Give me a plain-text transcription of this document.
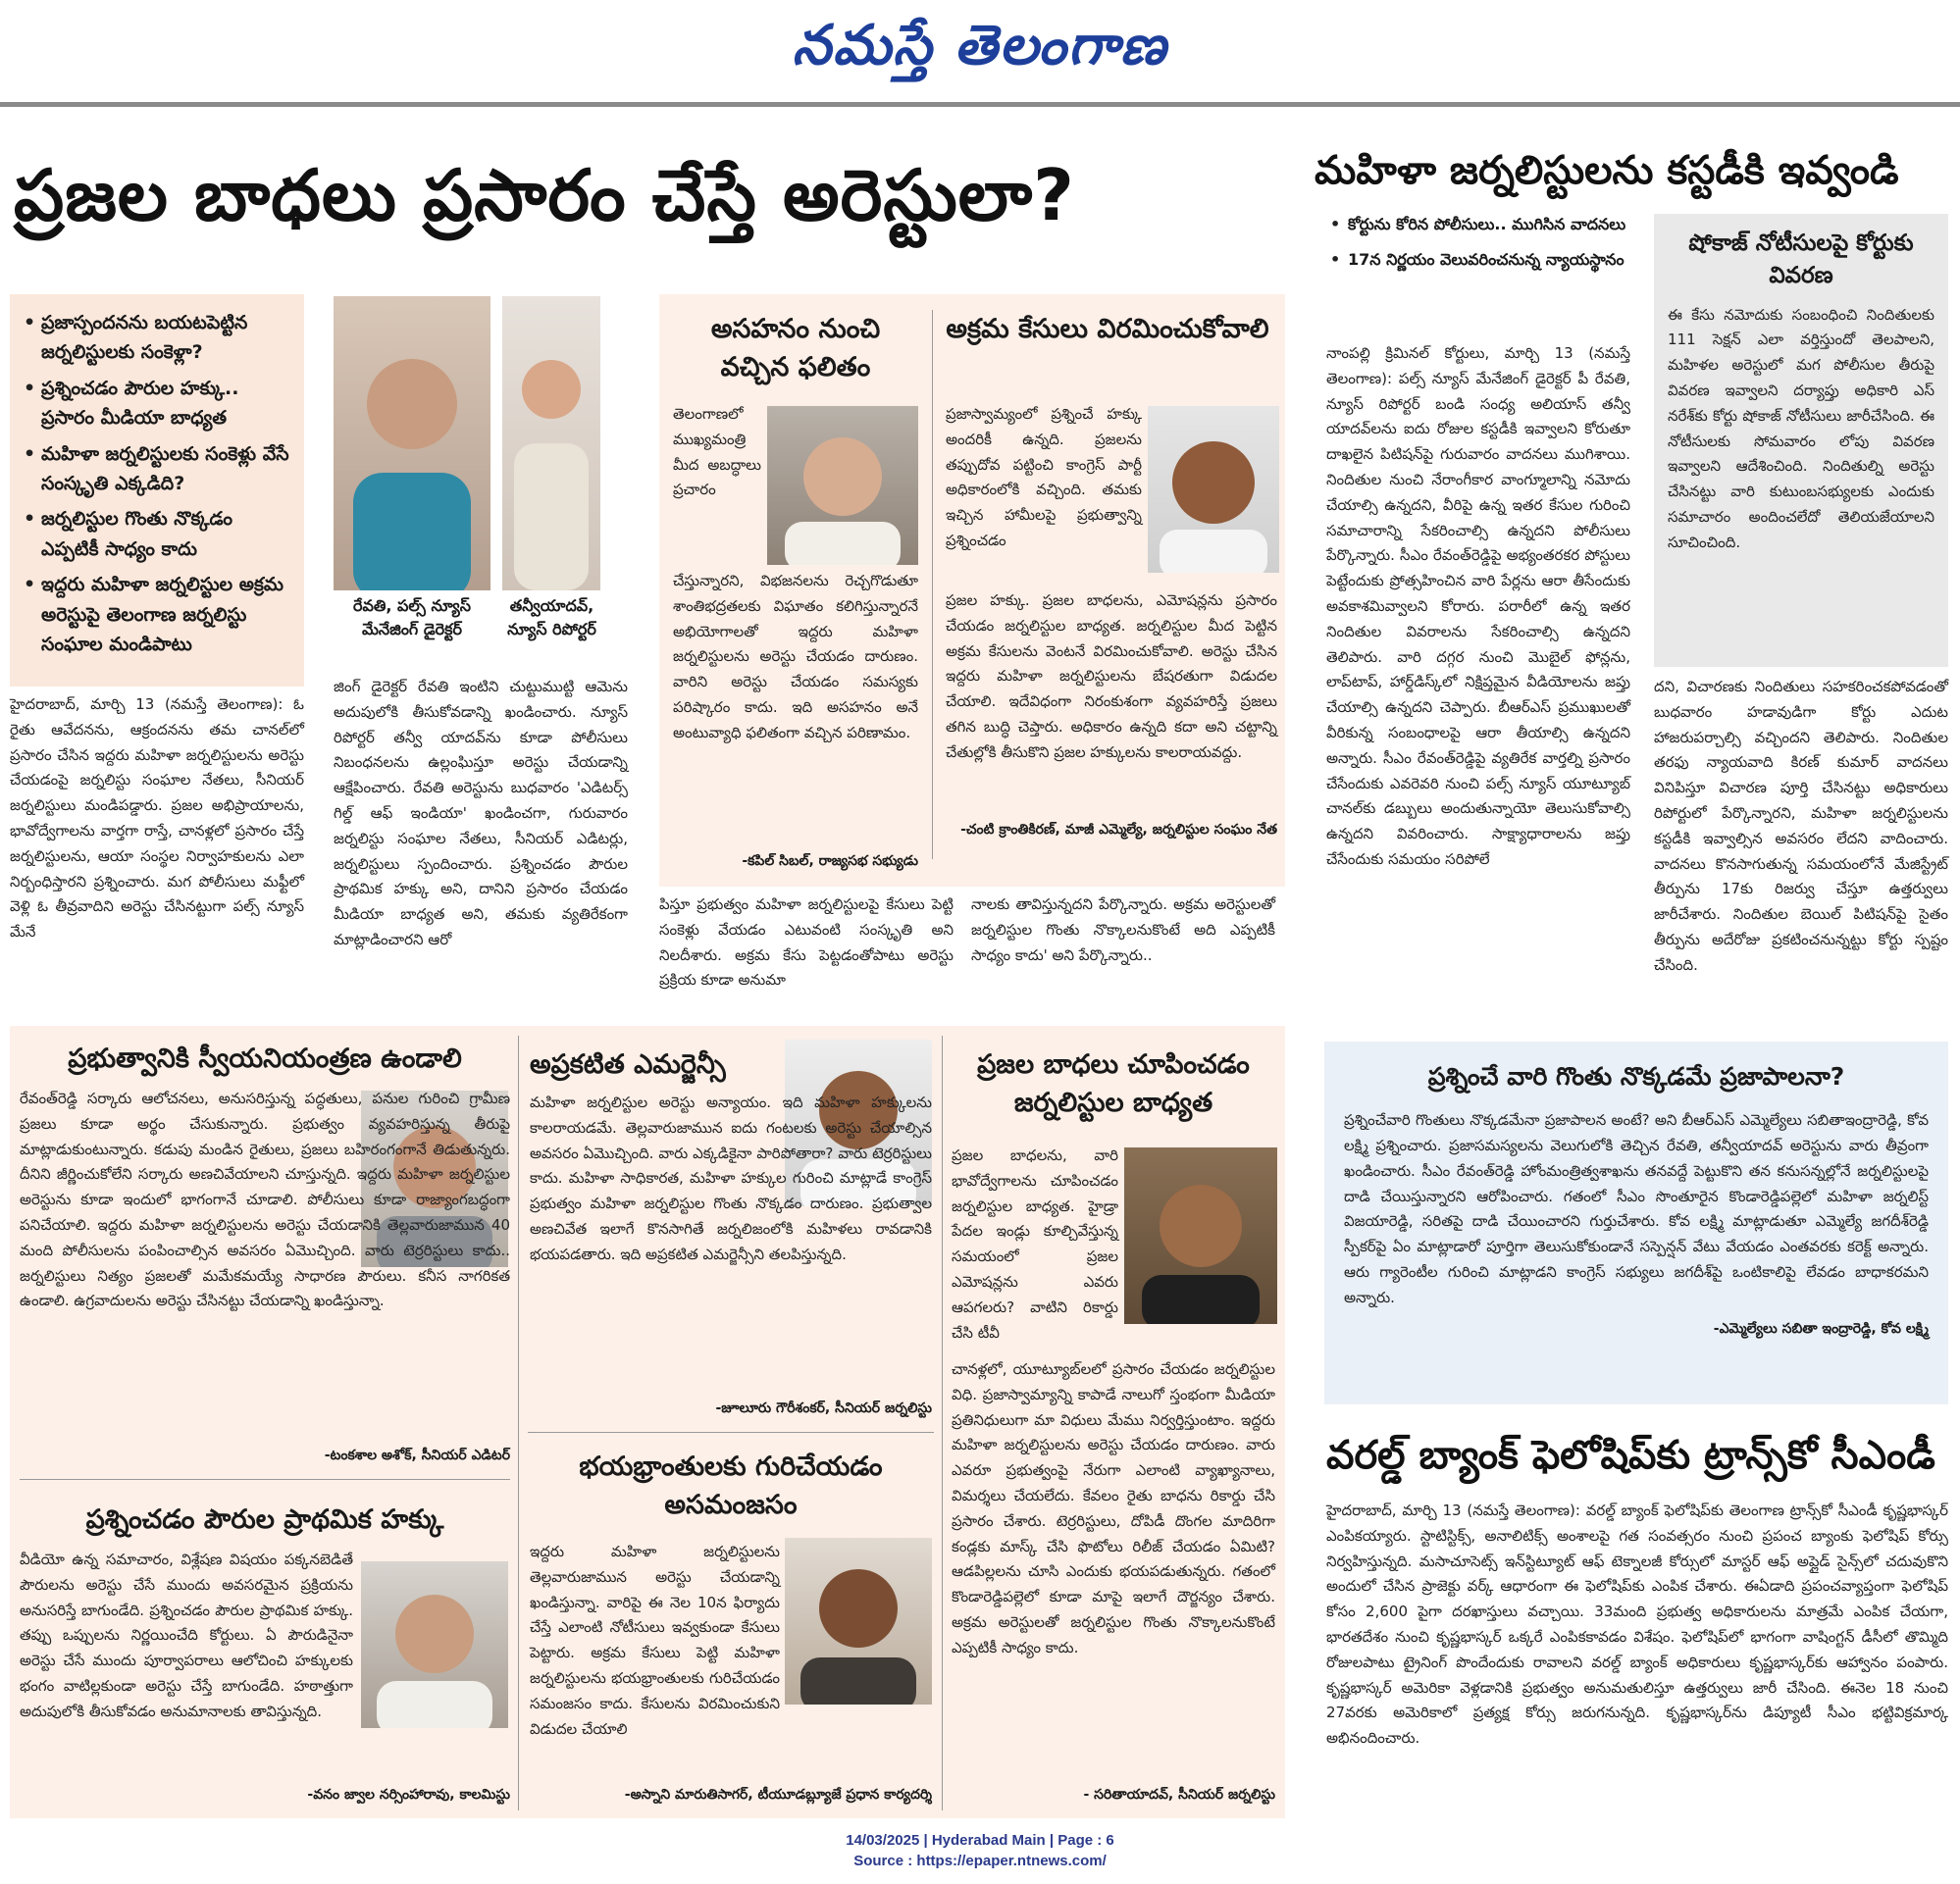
నమస్తే తెలంగాణ
ప్రజల బాధలు ప్రసారం చేస్తే అరెస్టులా?
• ప్రజాస్పందనను బయటపెట్టిన జర్నలిస్టులకు సంకెళ్లా?
• ప్రశ్నించడం పౌరుల హక్కు.. ప్రసారం మీడియా బాధ్యత
• మహిళా జర్నలిస్టులకు సంకెళ్లు వేసే సంస్కృతి ఎక్కడిది?
• జర్నలిస్టుల గొంతు నొక్కడం ఎప్పటికీ సాధ్యం కాదు
• ఇద్దరు మహిళా జర్నలిస్టుల అక్రమ అరెస్టుపై తెలంగాణ జర్నలిస్టు సంఘాల మండిపాటు
రేవతి, పల్స్ న్యూస్ మేనేజింగ్ డైరెక్టర్
తన్వీయాదవ్, న్యూస్ రిపోర్టర్
హైదరాబాద్, మార్చి 13 (నమస్తే తెలంగాణ): ఓ రైతు ఆవేదనను, ఆక్రందనను తమ చానల్‌లో ప్రసారం చేసిన ఇద్దరు మహిళా జర్నలిస్టులను అరెస్టు చేయడంపై జర్నలిస్టు సంఘాల నేతలు, సీనియర్ జర్నలిస్టులు మండిపడ్డారు. ప్రజల అభిప్రాయాలను, భావోద్వేగాలను వార్తగా రాస్తే, చానళ్లలో ప్రసారం చేస్తే జర్నలిస్టులను, ఆయా సంస్థల నిర్వాహకులను ఎలా నిర్బంధిస్తారని ప్రశ్నించారు. మగ పోలీసులు మఫ్టీలో వెళ్లి ఓ తీవ్రవాదిని అరెస్టు చేసినట్టుగా పల్స్ న్యూస్ మేనే
జింగ్ డైరెక్టర్ రేవతి ఇంటిని చుట్టుముట్టి ఆమెను అదుపులోకి తీసుకోవడాన్ని ఖండించారు. న్యూస్ రిపోర్టర్ తన్వీ యాదవ్‌ను కూడా పోలీసులు నిబంధనలను ఉల్లంఘిస్తూ అరెస్టు చేయడాన్ని ఆక్షేపించారు. రేవతి అరెస్టును బుధవారం 'ఎడిటర్స్ గిల్డ్ ఆఫ్ ఇండియా' ఖండించగా, గురువారం జర్నలిస్టు సంఘాల నేతలు, సీనియర్ ఎడిటర్లు, జర్నలిస్టులు స్పందించారు. ప్రశ్నించడం పౌరుల ప్రాథమిక హక్కు అని, దానిని ప్రసారం చేయడం మీడియా బాధ్యత అని, తమకు వ్యతిరేకంగా మాట్లాడించారని ఆరో
పిస్తూ ప్రభుత్వం మహిళా జర్నలిస్టులపై కేసులు పెట్టి సంకెళ్లు వేయడం ఎటువంటి సంస్కృతి అని నిలదీశారు. అక్రమ కేసు పెట్టడంతోపాటు అరెస్టు ప్రక్రియ కూడా అనుమా
నాలకు తావిస్తున్నదని పేర్కొన్నారు. అక్రమ అరెస్టులతో జర్నలిస్టుల గొంతు నొక్కాలనుకొంటే అది ఎప్పటికీ సాధ్యం కాదు' అని పేర్కొన్నారు..
అసహనం నుంచి వచ్చిన ఫలితం
తెలంగాణలో ముఖ్యమంత్రి మీద అబద్ధాలు ప్రచారం
చేస్తున్నారని, విభజనలను రెచ్చగొడుతూ శాంతిభద్రతలకు విఘాతం కలిగిస్తున్నారనే అభియోగాలతో ఇద్దరు మహిళా జర్నలిస్టులను అరెస్టు చేయడం దారుణం. వారిని అరెస్టు చేయడం సమస్యకు పరిష్కారం కాదు. ఇది అసహనం అనే అంటువ్యాధి ఫలితంగా వచ్చిన పరిణామం.
-కపిల్ సిబల్, రాజ్యసభ సభ్యుడు
అక్రమ కేసులు విరమించుకోవాలి
ప్రజాస్వామ్యంలో ప్రశ్నించే హక్కు అందరికీ ఉన్నది. ప్రజలను తప్పుదోవ పట్టించి కాంగ్రెస్ పార్టీ అధికారంలోకి వచ్చింది. తమకు ఇచ్చిన హామీలపై ప్రభుత్వాన్ని ప్రశ్నించడం
ప్రజల హక్కు. ప్రజల బాధలను, ఎమోషన్లను ప్రసారం చేయడం జర్నలిస్టుల బాధ్యత. జర్నలిస్టుల మీద పెట్టిన అక్రమ కేసులను వెంటనే విరమించుకోవాలి. అరెస్టు చేసిన ఇద్దరు మహిళా జర్నలిస్టులను బేషరతుగా విడుదల చేయాలి. ఇదేవిధంగా నిరంకుశంగా వ్యవహరిస్తే ప్రజలు తగిన బుద్ధి చెప్తారు. అధికారం ఉన్నది కదా అని చట్టాన్ని చేతుల్లోకి తీసుకొని ప్రజల హక్కులను కాలరాయవద్దు.
-చంటి క్రాంతికిరణ్, మాజీ ఎమ్మెల్యే, జర్నలిస్టుల సంఘం నేత
మహిళా జర్నలిస్టులను కస్టడీకి ఇవ్వండి
• కోర్టును కోరిన పోలీసులు.. ముగిసిన వాదనలు
• 17న నిర్ణయం వెలువరించనున్న న్యాయస్థానం
నాంపల్లి క్రిమినల్ కోర్టులు, మార్చి 13 (నమస్తే తెలంగాణ): పల్స్ న్యూస్ మేనేజింగ్ డైరెక్టర్ పీ రేవతి, న్యూస్ రిపోర్టర్ బండి సంధ్య అలియాస్ తన్వీ యాదవ్‌లను ఐదు రోజుల కస్టడీకి ఇవ్వాలని కోరుతూ దాఖలైన పిటిషన్‌పై గురువారం వాదనలు ముగిశాయి. నిందితుల నుంచి నేరాంగీకార వాంగ్మూలాన్ని నమోదు చేయాల్సి ఉన్నదని, వీరిపై ఉన్న ఇతర కేసుల గురించి సమాచారాన్ని సేకరించాల్సి ఉన్నదని పోలీసులు పేర్కొన్నారు. సీఎం రేవంత్‌రెడ్డిపై అభ్యంతరకర పోస్టులు పెట్టేందుకు ప్రోత్సహించిన వారి పేర్లను ఆరా తీసేందుకు అవకాశమివ్వాలని కోరారు. పరారీలో ఉన్న ఇతర నిందితుల వివరాలను సేకరించాల్సి ఉన్నదని తెలిపారు. వారి దగ్గర నుంచి మొబైల్ ఫోన్లను, లాప్‌టాప్, హార్డ్‌డిస్క్‌లో నిక్షిప్తమైన వీడియోలను జప్తు చేయాల్సి ఉన్నదని చెప్పారు. బీఆర్‌ఎస్ ప్రముఖులతో వీరికున్న సంబంధాలపై ఆరా తీయాల్సి ఉన్నదని అన్నారు. సీఎం రేవంత్‌రెడ్డిపై వ్యతిరేక వార్తల్ని ప్రసారం చేసేందుకు ఎవరెవరి నుంచి పల్స్ న్యూస్ యూట్యూబ్ చానల్‌కు డబ్బులు అందుతున్నాయో తెలుసుకోవాల్సి ఉన్నదని వివరించారు. సాక్ష్యాధారాలను జప్తు చేసేందుకు సమయం సరిపోలే
షోకాజ్ నోటీసులపై కోర్టుకు వివరణ
ఈ కేసు నమోదుకు సంబంధించి నిందితులకు 111 సెక్షన్ ఎలా వర్తిస్తుందో తెలపాలని, మహిళల అరెస్టులో మగ పోలీసుల తీరుపై వివరణ ఇవ్వాలని దర్యాప్తు అధికారి ఎస్ నరేశ్‌కు కోర్టు షోకాజ్ నోటీసులు జారీచేసింది. ఈ నోటీసులకు సోమవారం లోపు వివరణ ఇవ్వాలని ఆదేశించింది. నిందితుల్ని అరెస్టు చేసినట్టు వారి కుటుంబసభ్యులకు ఎందుకు సమాచారం అందించలేదో తెలియజేయాలని సూచించింది.
దని, విచారణకు నిందితులు సహకరించకపోవడంతో బుధవారం హడావుడిగా కోర్టు ఎదుట హాజరుపర్చాల్సి వచ్చిందని తెలిపారు. నిందితుల తరఫు న్యాయవాది కిరణ్ కుమార్ వాదనలు వినిపిస్తూ విచారణ పూర్తి చేసినట్టు అధికారులు రిపోర్టులో పేర్కొన్నారని, మహిళా జర్నలిస్టులను కస్టడీకి ఇవ్వాల్సిన అవసరం లేదని వాదించారు. వాదనలు కొనసాగుతున్న సమయంలోనే మేజిస్ట్రేట్ తీర్పును 17కు రిజర్వు చేస్తూ ఉత్తర్వులు జారీచేశారు. నిందితుల బెయిల్ పిటిషన్‌పై సైతం తీర్పును అదేరోజు ప్రకటించనున్నట్టు కోర్టు స్పష్టం చేసింది.
ప్రభుత్వానికి స్వీయనియంత్రణ ఉండాలి
రేవంత్‌రెడ్డి సర్కారు ఆలోచనలు, అనుసరిస్తున్న పద్ధతులు, పనుల గురించి గ్రామీణ ప్రజలు కూడా అర్థం చేసుకున్నారు. ప్రభుత్వం వ్యవహరిస్తున్న తీరుపై మాట్లాడుకుంటున్నారు. కడుపు మండిన రైతులు, ప్రజలు బహిరంగంగానే తిడుతున్నరు. దీనిని జీర్ణించుకోలేని సర్కారు అణచివేయాలని చూస్తున్నది. ఇద్దరు మహిళా జర్నలిస్టుల అరెస్టును కూడా ఇందులో భాగంగానే చూడాలి. పోలీసులు కూడా రాజ్యాంగబద్ధంగా పనిచేయాలి. ఇద్దరు మహిళా జర్నలిస్టులను అరెస్టు చేయడానికి తెల్లవారుజామున 40 మంది పోలీసులను పంపించాల్సిన అవసరం ఏమొచ్చింది. వారు టెర్రరిస్టులు కాదు.. జర్నలిస్టులు నిత్యం ప్రజలతో మమేకమయ్యే సాధారణ పౌరులు. కనీస నాగరికత ఉండాలి. ఉగ్రవాదులను అరెస్టు చేసినట్టు చేయడాన్ని ఖండిస్తున్నా.
-టంకశాల అశోక్, సీనియర్ ఎడిటర్
ప్రశ్నించడం పౌరుల ప్రాథమిక హక్కు
వీడియో ఉన్న సమాచారం, విశ్లేషణ విషయం పక్కనబెడితే పౌరులను అరెస్టు చేసే ముందు అవసరమైన ప్రక్రియను అనుసరిస్తే బాగుండేది. ప్రశ్నించడం పౌరుల ప్రాథమిక హక్కు. తప్పు ఒప్పులను నిర్ణయించేది కోర్టులు. ఏ పౌరుడినైనా అరెస్టు చేసే ముందు పూర్వాపరాలు ఆలోచించి హక్కులకు భంగం వాటిల్లకుండా అరెస్టు చేస్తే బాగుండేది. హఠాత్తుగా అదుపులోకి తీసుకోవడం అనుమానాలకు తావిస్తున్నది.
-వనం జ్వాల నర్సింహారావు, కాలమిస్టు
అప్రకటిత ఎమర్జెన్సీ
మహిళా జర్నలిస్టుల అరెస్టు అన్యాయం. ఇది మహిళా హక్కులను కాలరాయడమే. తెల్లవారుజామున ఐదు గంటలకు అరెస్టు చేయాల్సిన అవసరం ఏమొచ్చింది. వారు ఎక్కడికైనా పారిపోతారా? వారు టెర్రరిస్టులు కాదు. మహిళా సాధికారత, మహిళా హక్కుల గురించి మాట్లాడే కాంగ్రెస్ ప్రభుత్వం మహిళా జర్నలిస్టుల గొంతు నొక్కడం దారుణం. ప్రభుత్వాల అణచివేత ఇలాగే కొనసాగితే జర్నలిజంలోకి మహిళలు రావడానికి భయపడతారు. ఇది అప్రకటిత ఎమర్జెన్సీని తలపిస్తున్నది.
-జూలూరు గౌరీశంకర్, సీనియర్ జర్నలిస్టు
భయభ్రాంతులకు గురిచేయడం అసమంజసం
ఇద్దరు మహిళా జర్నలిస్టులను తెల్లవారుజామున అరెస్టు చేయడాన్ని ఖండిస్తున్నా. వారిపై ఈ నెల 10న ఫిర్యాదు చేస్తే ఎలాంటి నోటీసులు ఇవ్వకుండా కేసులు పెట్టారు. అక్రమ కేసులు పెట్టి మహిళా జర్నలిస్టులను భయభ్రాంతులకు గురిచేయడం సమంజసం కాదు. కేసులను విరమించుకుని విడుదల చేయాలి
-అస్నాని మారుతిసాగర్, టీయూడబ్ల్యూజే ప్రధాన కార్యదర్శి
ప్రజల బాధలు చూపించడం జర్నలిస్టుల బాధ్యత
ప్రజల బాధలను, వారి భావోద్వేగాలను చూపించడం జర్నలిస్టుల బాధ్యత. హైడ్రా పేదల ఇండ్లు కూల్చివేస్తున్న సమయంలో ప్రజల ఎమోషన్లను ఎవరు ఆపగలరు? వాటిని రికార్డు చేసి టీవీ
చానళ్లలో, యూట్యూబ్‌లలో ప్రసారం చేయడం జర్నలిస్టుల విధి. ప్రజాస్వామ్యాన్ని కాపాడే నాలుగో స్తంభంగా మీడియా ప్రతినిధులుగా మా విధులు మేము నిర్వర్తిస్తుంటాం. ఇద్దరు మహిళా జర్నలిస్టులను అరెస్టు చేయడం దారుణం. వారు ఎవరూ ప్రభుత్వంపై నేరుగా ఎలాంటి వ్యాఖ్యానాలు, విమర్శలు చేయలేదు. కేవలం రైతు బాధను రికార్డు చేసి ప్రసారం చేశారు. టెర్రరిస్టులు, దోపిడీ దొంగల మాదిరిగా కండ్లకు మాస్క్ చేసి ఫొటోలు రిలీజ్ చేయడం ఏమిటి? ఆడపిల్లలను చూసి ఎందుకు భయపడుతున్నరు. గతంలో కొండారెడ్డిపల్లెలో కూడా మాపై ఇలాగే దౌర్జన్యం చేశారు. అక్రమ అరెస్టులతో జర్నలిస్టుల గొంతు నొక్కాలనుకొంటే ఎప్పటికీ సాధ్యం కాదు.
- సరితాయాదవ్, సీనియర్ జర్నలిస్టు
ప్రశ్నించే వారి గొంతు నొక్కడమే ప్రజాపాలనా?
ప్రశ్నించేవారి గొంతులు నొక్కడమేనా ప్రజాపాలన అంటే? అని బీఆర్‌ఎస్ ఎమ్మెల్యేలు సబితాఇంద్రారెడ్డి, కోవ లక్ష్మి ప్రశ్నించారు. ప్రజాసమస్యలను వెలుగులోకి తెచ్చిన రేవతి, తన్వీయాదవ్ అరెస్టును వారు తీవ్రంగా ఖండించారు. సీఎం రేవంత్‌రెడ్డి హోంమంత్రిత్వశాఖను తనవద్దే పెట్టుకొని తన కనుసన్నల్లోనే జర్నలిస్టులపై దాడి చేయిస్తున్నారని ఆరోపించారు. గతంలో సీఎం సొంతూరైన కొండారెడ్డిపల్లెలో మహిళా జర్నలిస్ట్ విజయారెడ్డి, సరితపై దాడి చేయించారని గుర్తుచేశారు. కోవ లక్ష్మి మాట్లాడుతూ ఎమ్మెల్యే జగదీశ్‌రెడ్డి స్పీకర్‌పై ఏం మాట్లాడారో పూర్తిగా తెలుసుకోకుండానే సస్పెన్షన్ వేటు వేయడం ఎంతవరకు కరెక్ట్ అన్నారు. ఆరు గ్యారెంటీల గురించి మాట్లాడని కాంగ్రెస్ సభ్యులు జగదీశ్‌పై ఒంటికాలిపై లేవడం బాధాకరమని అన్నారు.
-ఎమ్మెల్యేలు సబితా ఇంద్రారెడ్డి, కోవ లక్ష్మి
వరల్డ్ బ్యాంక్ ఫెలోషిప్‌కు ట్రాన్స్‌కో సీఎండీ
హైదరాబాద్, మార్చి 13 (నమస్తే తెలంగాణ): వరల్డ్ బ్యాంక్ ఫెలోషిప్‌కు తెలంగాణ ట్రాన్స్‌కో సీఎండీ కృష్ణభాస్కర్ ఎంపికయ్యారు. స్టాటిస్టిక్స్, అనాలిటిక్స్ అంశాలపై గత సంవత్సరం నుంచి ప్రపంచ బ్యాంకు ఫెలోషిప్ కోర్సు నిర్వహిస్తున్నది. మసాచూసెట్స్ ఇన్‌స్టిట్యూట్ ఆఫ్ టెక్నాలజీ కోర్సులో మాస్టర్ ఆఫ్ అప్లైడ్ సైన్స్‌లో చదువుకొని అందులో చేసిన ప్రాజెక్టు వర్క్ ఆధారంగా ఈ ఫెలోషిప్‌కు ఎంపిక చేశారు. ఈఏడాది ప్రపంచవ్యాప్తంగా ఫెలోషిప్ కోసం 2,600 పైగా దరఖాస్తులు వచ్చాయి. 33మంది ప్రభుత్వ అధికారులను మాత్రమే ఎంపిక చేయగా, భారతదేశం నుంచి కృష్ణభాస్కర్ ఒక్కరే ఎంపికకావడం విశేషం. ఫెలోషిప్‌లో భాగంగా వాషింగ్టన్ డీసీలో తొమ్మిది రోజులపాటు ట్రైనింగ్ పొందేందుకు రావాలని వరల్డ్ బ్యాంక్ అధికారులు కృష్ణభాస్కర్‌కు ఆహ్వానం పంపారు. కృష్ణభాస్కర్ అమెరికా వెళ్లడానికి ప్రభుత్వం అనుమతులిస్తూ ఉత్తర్వులు జారీ చేసింది. ఈనెల 18 నుంచి 27వరకు అమెరికాలో ప్రత్యక్ష కోర్సు జరుగనున్నది. కృష్ణభాస్కర్‌ను డిప్యూటీ సీఎం భట్టివిక్రమార్క అభినందించారు.
14/03/2025 | Hyderabad Main | Page : 6
Source : https://epaper.ntnews.com/
